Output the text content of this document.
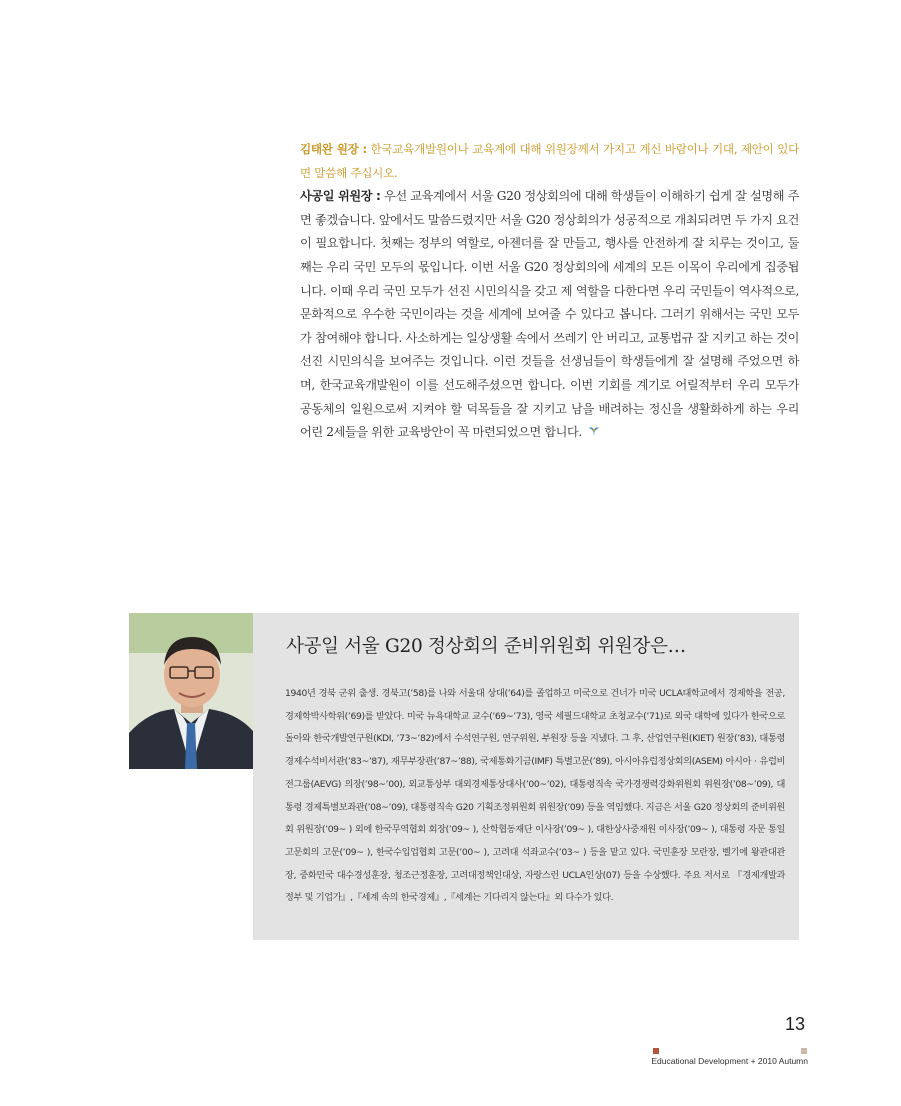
김태완 원장 : 한국교육개발원이나 교육계에 대해 위원장께서 가지고 계신 바람이나 기대, 제안이 있다면 말씀해 주십시오.

사공일 위원장 : 우선 교육계에서 서울 G20 정상회의에 대해 학생들이 이해하기 쉽게 잘 설명해 주면 좋겠습니다. 앞에서도 말씀드렸지만 서울 G20 정상회의가 성공적으로 개최되려면 두 가지 요건이 필요합니다. 첫째는 정부의 역할로, 아젠더를 잘 만들고, 행사를 안전하게 잘 치루는 것이고, 둘째는 우리 국민 모두의 몫입니다. 이번 서울 G20 정상회의에 세계의 모든 이목이 우리에게 집중됩니다. 이때 우리 국민 모두가 선진 시민의식을 갖고 제 역할을 다한다면 우리 국민들이 역사적으로, 문화적으로 우수한 국민이라는 것을 세계에 보여줄 수 있다고 봅니다. 그러기 위해서는 국민 모두가 참여해야 합니다. 사소하게는 일상생활 속에서 쓰레기 안 버리고, 교통법규 잘 지키고 하는 것이 선진 시민의식을 보여주는 것입니다. 이런 것들을 선생님들이 학생들에게 잘 설명해 주었으면 하며, 한국교육개발원이 이를 선도해주셨으면 합니다. 이번 기회를 계기로 어릴적부터 우리 모두가 공동체의 일원으로써 지켜야 할 덕목들을 잘 지키고 남을 배려하는 정신을 생활화하게 하는 우리 어린 2세들을 위한 교육방안이 꼭 마련되었으면 합니다.

사공일 서울 G20 정상회의 준비위원회 위원장은…

1940년 경북 군위 출생. 경북고(’58)를 나와 서울대 상대(’64)를 졸업하고 미국으로 건너가 미국 UCLA대학교에서 경제학을 전공, 경제학박사학위(’69)를 받았다. 미국 뉴욕대학교 교수(’69~’73), 영국 세필드대학교 초청교수(’71)로 외국 대학에 있다가 한국으로 돌아와 한국개발연구원(KDI, ’73~’82)에서 수석연구원, 연구위원, 부원장 등을 지냈다. 그 후, 산업연구원(KIET) 원장(’83), 대통령 경제수석비서관(’83~’87), 재무부장관(’87~’88), 국제통화기금(IMF) 특별고문(’89), 아시아유럽정상회의(ASEM) 아시아 · 유럽비전그룹(AEVG) 의장(’98~’00), 외교통상부 대외경제통상대사(’00~’02), 대통령직속 국가경쟁력강화위원회 위원장(’08~’09), 대통령 경제특별보좌관(’08~’09), 대통령직속 G20 기획조정위원회 위원장(’09) 등을 역임했다. 지금은 서울 G20 정상회의 준비위원회 위원장(’09~ ) 외에 한국무역협회 회장(’09~ ), 산학협동재단 이사장(’09~ ), 대한상사중재원 이사장(’09~ ), 대통령 자문 통일고문회의 고문(’09~ ), 한국수입업협회 고문(’00~ ), 고려대 석좌교수(’03~ ) 등을 맡고 있다. 국민훈장 모란장, 벨기에 왕관대관장, 중화민국 대수경성훈장, 청조근정훈장, 고려대정책인대상, 자랑스런 UCLA인상(07) 등을 수상했다. 주요 저서로 『경제개발과 정부 및 기업가』,『세계 속의 한국경제』,『세계는 기다리지 않는다』외 다수가 있다.

13
Educational Development + 2010 Autumn
